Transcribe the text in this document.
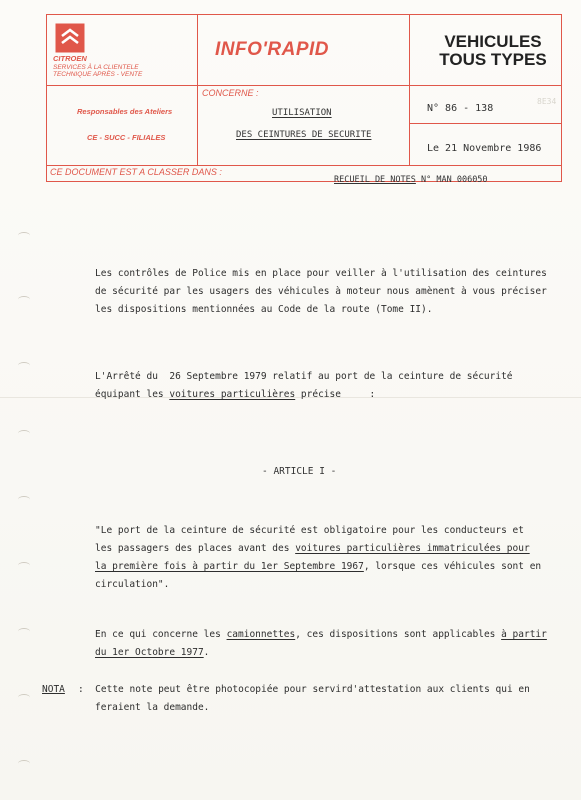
CITROEN
SERVICES À LA CLIENTELE
TECHNIQUE APRÈS - VENTE
INFO'RAPID	VEHICULES
TOUS TYPES
Responsables des Ateliers
CE - SUCC - FILIALES
CONCERNE :
UTILISATION
DES CEINTURES DE SECURITE
N° 86 - 138
Le 21 Novembre 1986
8E34
CE DOCUMENT EST A CLASSER DANS :
RECUEIL DE NOTES N° MAN 006050
Les contrôles de Police mis en place pour veiller à l'utilisation des ceintures
de sécurité par les usagers des véhicules à moteur nous amènent à vous préciser
les dispositions mentionnées au Code de la route (Tome II).
L'Arrêté du  26 Septembre 1979 relatif au port de la ceinture de sécurité
équipant les voitures particulières précise     :
- ARTICLE I -
"Le port de la ceinture de sécurité est obligatoire pour les conducteurs et
les passagers des places avant des voitures particulières immatriculées pour
la première fois à partir du 1er Septembre 1967, lorsque ces véhicules sont en
circulation".
En ce qui concerne les camionnettes, ces dispositions sont applicables à partir
du 1er Octobre 1977.
NOTA :  Cette note peut être photocopiée pour servird'attestation aux clients qui en
feraient la demande.
